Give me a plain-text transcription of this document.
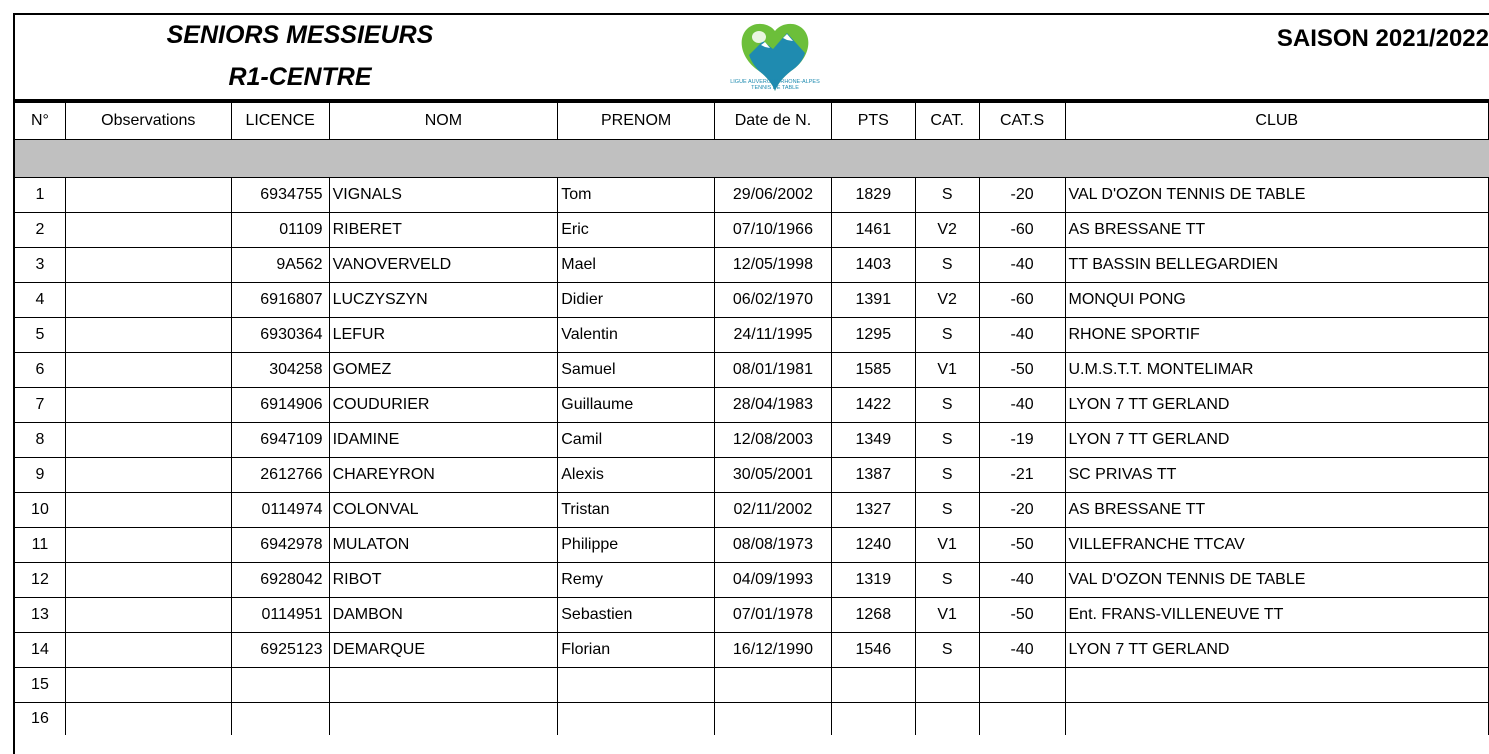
SENIORS MESSIEURS
R1-CENTRE
SAISON 2021/2022
LIGUE AUVERGNE RHONE-ALPES
TENNIS DE TABLE
N°	Observations	LICENCE	NOM	PRENOM	Date de N.	PTS	CAT.	CAT.S	CLUB

1		6934755	VIGNALS	Tom	29/06/2002	1829	S	-20	VAL D'OZON TENNIS DE TABLE
2		01109	RIBERET	Eric	07/10/1966	1461	V2	-60	AS BRESSANE TT
3		9A562	VANOVERVELD	Mael	12/05/1998	1403	S	-40	TT BASSIN BELLEGARDIEN
4		6916807	LUCZYSZYN	Didier	06/02/1970	1391	V2	-60	MONQUI PONG
5		6930364	LEFUR	Valentin	24/11/1995	1295	S	-40	RHONE SPORTIF
6		304258	GOMEZ	Samuel	08/01/1981	1585	V1	-50	U.M.S.T.T. MONTELIMAR
7		6914906	COUDURIER	Guillaume	28/04/1983	1422	S	-40	LYON 7 TT GERLAND
8		6947109	IDAMINE	Camil	12/08/2003	1349	S	-19	LYON 7 TT GERLAND
9		2612766	CHAREYRON	Alexis	30/05/2001	1387	S	-21	SC PRIVAS TT
10		0114974	COLONVAL	Tristan	02/11/2002	1327	S	-20	AS BRESSANE TT
11		6942978	MULATON	Philippe	08/08/1973	1240	V1	-50	VILLEFRANCHE TTCAV
12		6928042	RIBOT	Remy	04/09/1993	1319	S	-40	VAL D'OZON TENNIS DE TABLE
13		0114951	DAMBON	Sebastien	07/01/1978	1268	V1	-50	Ent. FRANS-VILLENEUVE TT
14		6925123	DEMARQUE	Florian	16/12/1990	1546	S	-40	LYON 7 TT GERLAND
15									
16									
